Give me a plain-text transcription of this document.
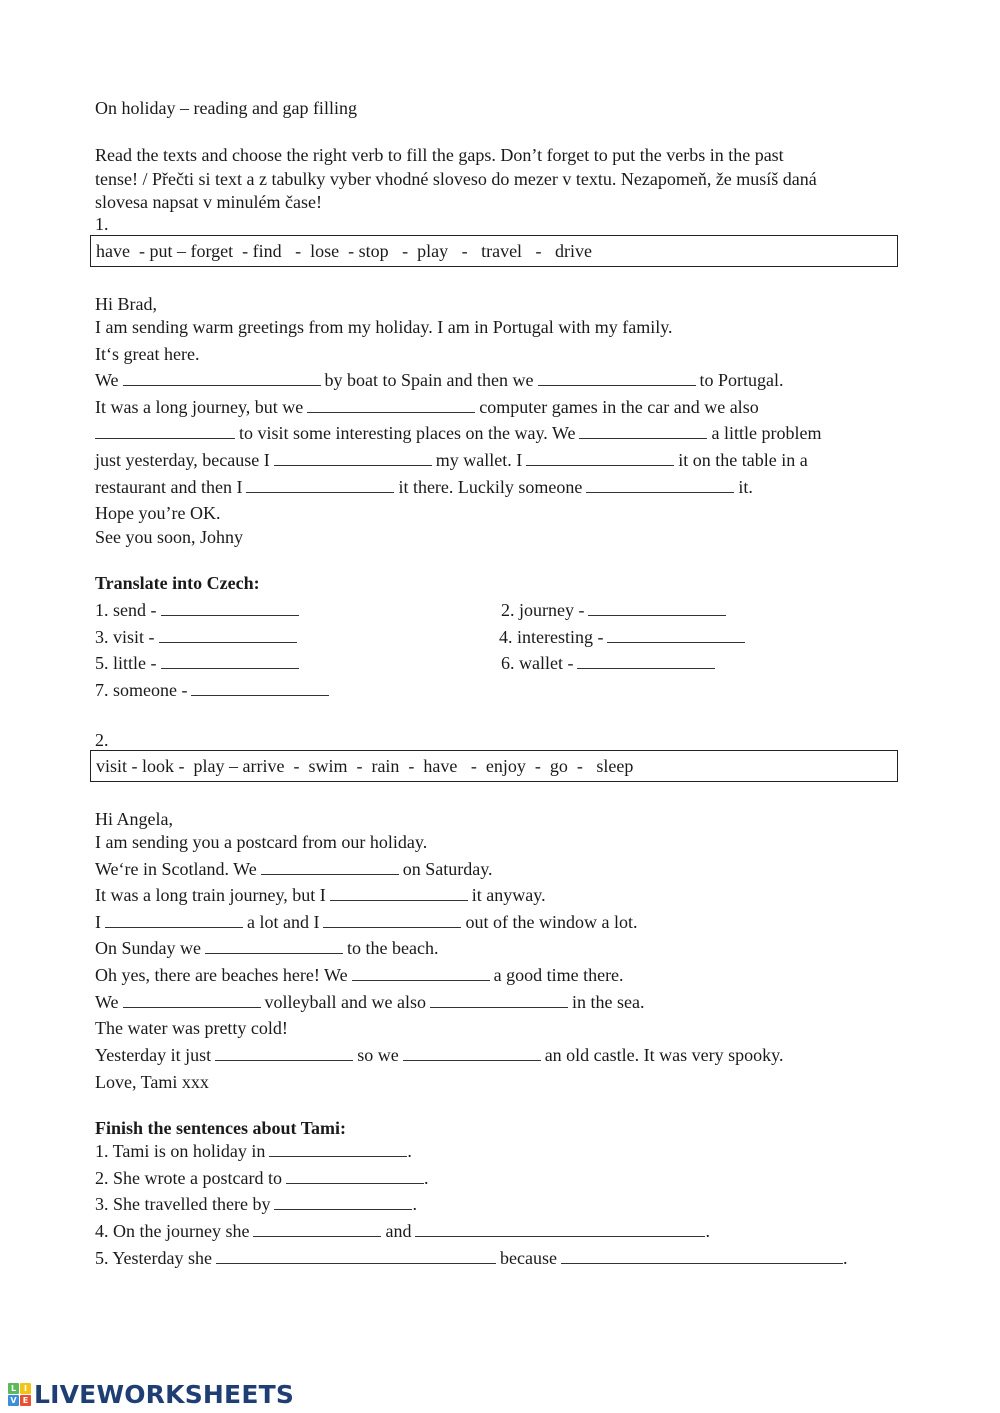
On holiday – reading and gap filling
Read the texts and choose the right verb to fill the gaps. Don’t forget to put the verbs in the past
tense! / Přečti si text a z tabulky vyber vhodné sloveso do mezer v textu. Nezapomeň, že musíš daná
slovesa napsat v minulém čase!
1.
have  - put – forget  - find   -  lose  - stop   -  play   -   travel   -   drive
Hi Brad,
I am sending warm greetings from my holiday. I am in Portugal with my family.
It‘s great here.
We	by boat to Spain and then we	to Portugal.
It was a long journey, but we	computer games in the car and we also
to visit some interesting places on the way. We	a little problem
just yesterday, because I	my wallet. I	it on the table in a
restaurant and then I	it there. Luckily someone	it.
Hope you’re OK.
See you soon, Johny
Translate into Czech:
1. send -	2. journey -
3. visit -	4. interesting -
5. little -	6. wallet -
7. someone -
2.
visit - look -  play – arrive  -  swim  -  rain  -  have   -  enjoy  -  go  -   sleep
Hi Angela,
I am sending you a postcard from our holiday.
We‘re in Scotland. We	on Saturday.
It was a long train journey, but I	it anyway.
I	a lot and I	out of the window a lot.
On Sunday we	to the beach.
Oh yes, there are beaches here! We	a good time there.
We	volleyball and we also	in the sea.
The water was pretty cold!
Yesterday it just	so we	an old castle. It was very spooky.
Love, Tami xxx
Finish the sentences about Tami:
1. Tami is on holiday in	.
2. She wrote a postcard to	.
3. She travelled there by	.
4. On the journey she	and	.
5. Yesterday she	because	.
L I
V E LIVEWORKSHEETS
